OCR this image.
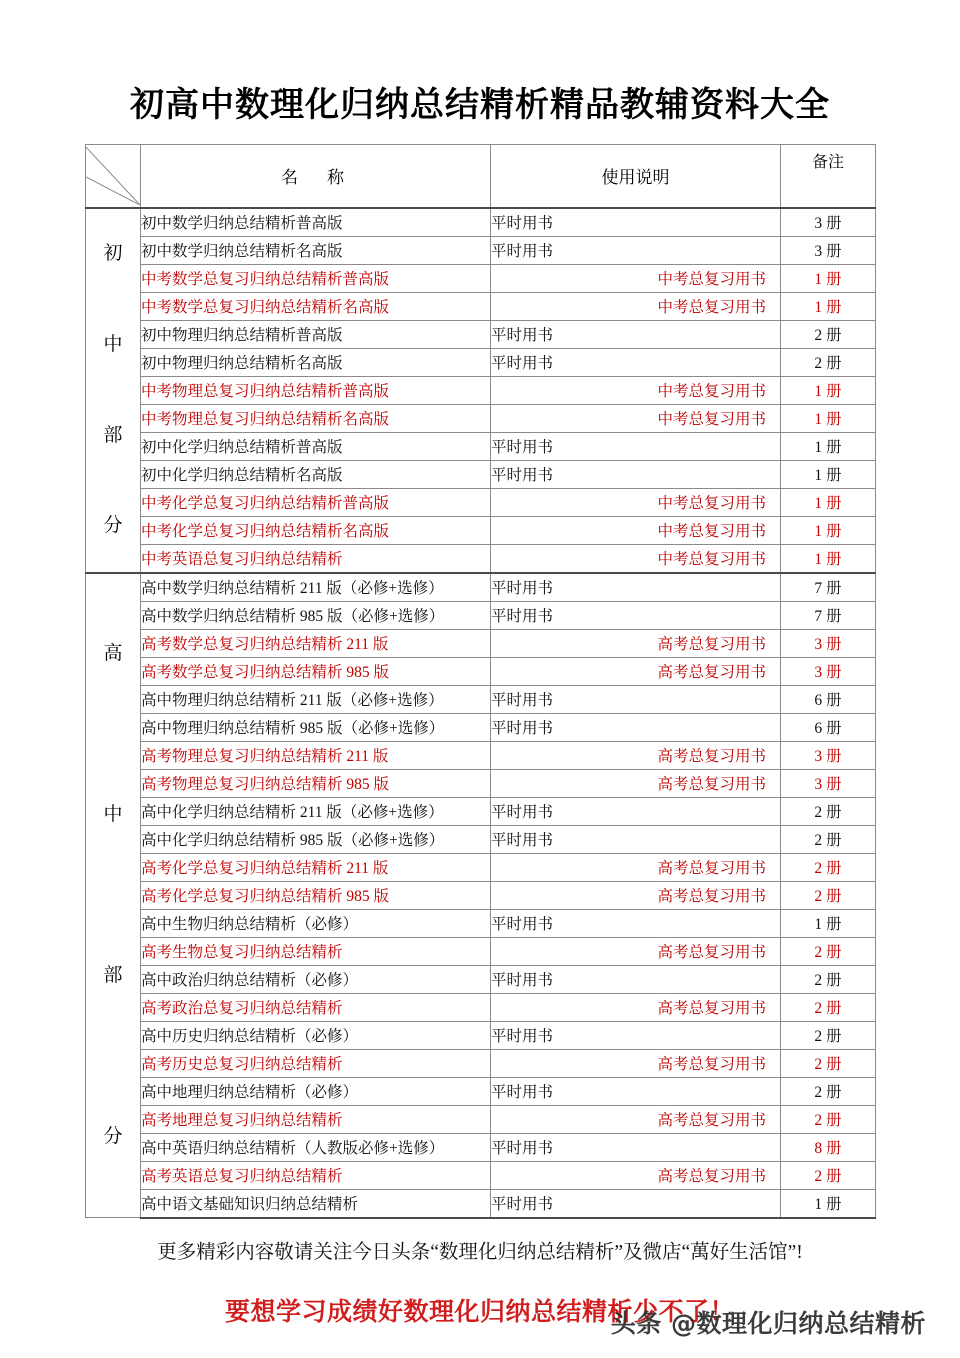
初高中数理化归纳总结精析精品教辅资料大全
	名　称	使用说明	备注

初
中
部
分	初中数学归纳总结精析普高版	平时用书	3 册
	初中数学归纳总结精析名高版	平时用书	3 册
	中考数学总复习归纳总结精析普高版	中考总复习用书	1 册
	中考数学总复习归纳总结精析名高版	中考总复习用书	1 册
	初中物理归纳总结精析普高版	平时用书	2 册
	初中物理归纳总结精析名高版	平时用书	2 册
	中考物理总复习归纳总结精析普高版	中考总复习用书	1 册
	中考物理总复习归纳总结精析名高版	中考总复习用书	1 册
	初中化学归纳总结精析普高版	平时用书	1 册
	初中化学归纳总结精析名高版	平时用书	1 册
	中考化学总复习归纳总结精析普高版	中考总复习用书	1 册
	中考化学总复习归纳总结精析名高版	中考总复习用书	1 册
	中考英语总复习归纳总结精析	中考总复习用书	1 册

高
中
部
分	高中数学归纳总结精析 211 版（必修+选修）	平时用书	7 册
	高中数学归纳总结精析 985 版（必修+选修）	平时用书	7 册
	高考数学总复习归纳总结精析 211 版	高考总复习用书	3 册
	高考数学总复习归纳总结精析 985 版	高考总复习用书	3 册
	高中物理归纳总结精析 211 版（必修+选修）	平时用书	6 册
	高中物理归纳总结精析 985 版（必修+选修）	平时用书	6 册
	高考物理总复习归纳总结精析 211 版	高考总复习用书	3 册
	高考物理总复习归纳总结精析 985 版	高考总复习用书	3 册
	高中化学归纳总结精析 211 版（必修+选修）	平时用书	2 册
	高中化学归纳总结精析 985 版（必修+选修）	平时用书	2 册
	高考化学总复习归纳总结精析 211 版	高考总复习用书	2 册
	高考化学总复习归纳总结精析 985 版	高考总复习用书	2 册
	高中生物归纳总结精析（必修）	平时用书	1 册
	高考生物总复习归纳总结精析	高考总复习用书	2 册
	高中政治归纳总结精析（必修）	平时用书	2 册
	高考政治总复习归纳总结精析	高考总复习用书	2 册
	高中历史归纳总结精析（必修）	平时用书	2 册
	高考历史总复习归纳总结精析	高考总复习用书	2 册
	高中地理归纳总结精析（必修）	平时用书	2 册
	高考地理总复习归纳总结精析	高考总复习用书	2 册
	高中英语归纳总结精析（人教版必修+选修）	平时用书	8 册
	高考英语总复习归纳总结精析	高考总复习用书	2 册
	高中语文基础知识归纳总结精析	平时用书	1 册
更多精彩内容敬请关注今日头条“数理化归纳总结精析”及微店“萬好生活馆”!
要想学习成绩好数理化归纳总结精析少不了！
头条 @数理化归纳总结精析
